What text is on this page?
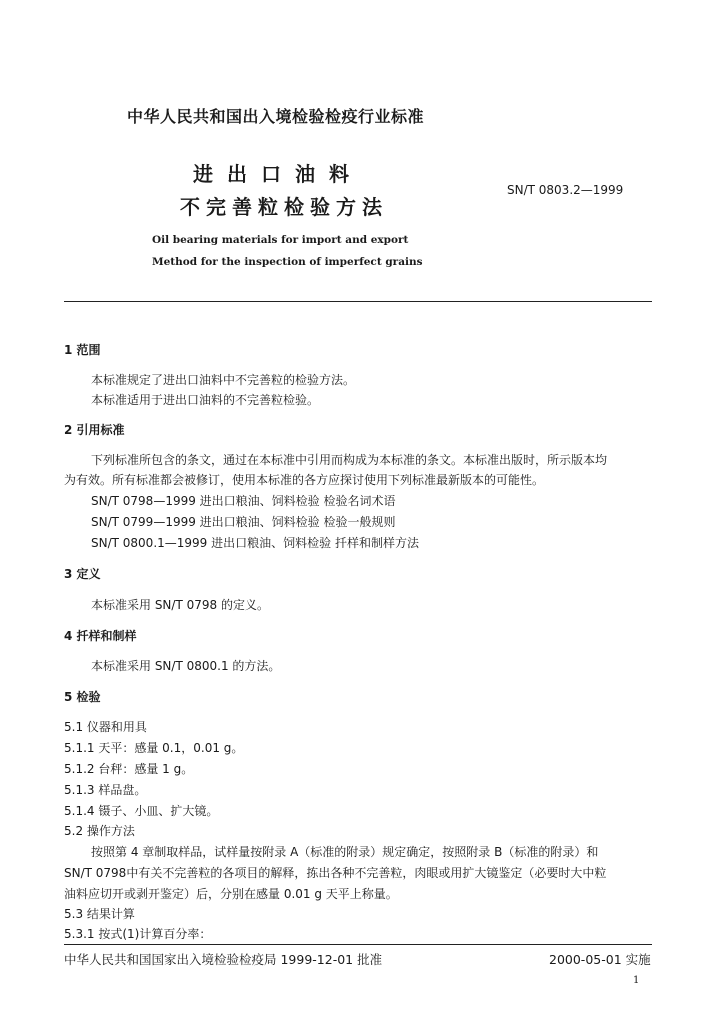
中华人民共和国出入境检验检疫行业标准
进出口油料
不完善粒检验方法
SN/T 0803.2—1999
Oil bearing materials for import and export
Method for the inspection of imperfect grains
1 范围
本标准规定了进出口油料中不完善粒的检验方法。
本标准适用于进出口油料的不完善粒检验。
2 引用标准
下列标准所包含的条文，通过在本标准中引用而构成为本标准的条文。本标准出版时，所示版本均
为有效。所有标准都会被修订，使用本标准的各方应探讨使用下列标准最新版本的可能性。
SN/T 0798—1999 进出口粮油、饲料检验 检验名词术语
SN/T 0799—1999 进出口粮油、饲料检验 检验一般规则
SN/T 0800.1—1999 进出口粮油、饲料检验 扦样和制样方法
3 定义
本标准采用 SN/T 0798 的定义。
4 扦样和制样
本标准采用 SN/T 0800.1 的方法。
5 检验
5.1 仪器和用具
5.1.1 天平：感量 0.1，0.01 g。
5.1.2 台秤：感量 1 g。
5.1.3 样品盘。
5.1.4 镊子、小皿、扩大镜。
5.2 操作方法
按照第 4 章制取样品，试样量按附录 A（标准的附录）规定确定，按照附录 B（标准的附录）和
SN/T 0798中有关不完善粒的各项目的解释，拣出各种不完善粒，肉眼或用扩大镜鉴定（必要时大中粒
油料应切开或剥开鉴定）后，分别在感量 0.01 g 天平上称量。
5.3 结果计算
5.3.1 按式(1)计算百分率：
中华人民共和国国家出入境检验检疫局 1999-12-01 批准	2000-05-01 实施
1
